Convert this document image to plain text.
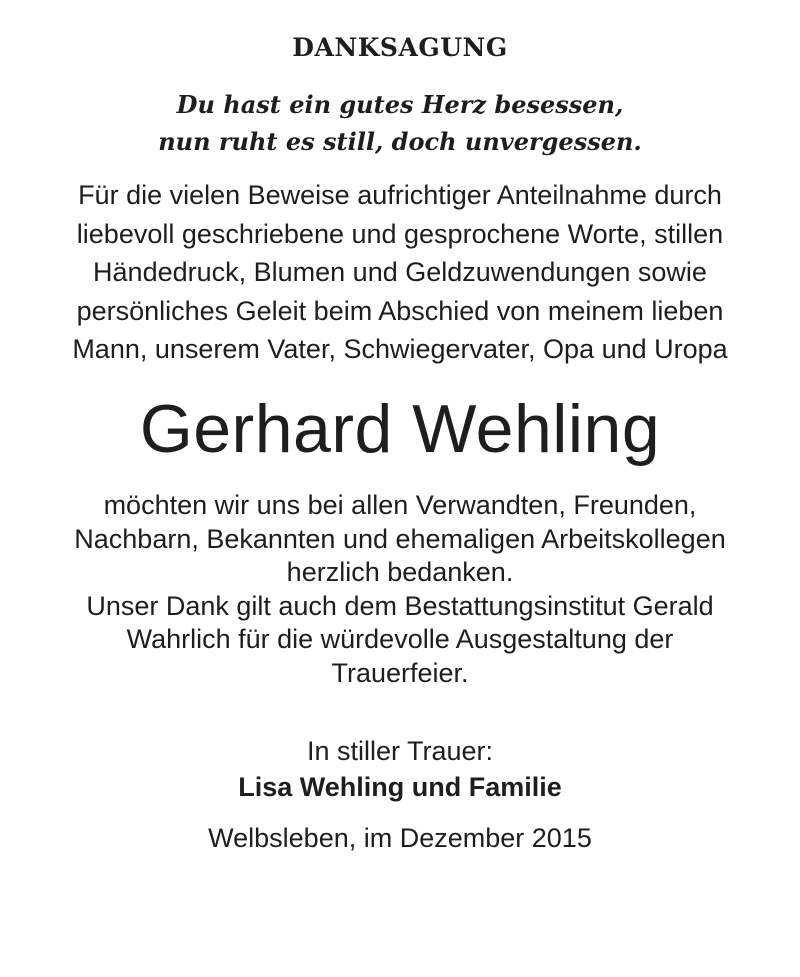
DANKSAGUNG
Du hast ein gutes Herz besessen,
nun ruht es still, doch unvergessen.
Für die vielen Beweise aufrichtiger Anteilnahme durch
liebevoll geschriebene und gesprochene Worte, stillen
Händedruck, Blumen und Geldzuwendungen sowie
persönliches Geleit beim Abschied von meinem lieben
Mann, unserem Vater, Schwiegervater, Opa und Uropa
Gerhard Wehling
möchten wir uns bei allen Verwandten, Freunden,
Nachbarn, Bekannten und ehemaligen Arbeitskollegen
herzlich bedanken.
Unser Dank gilt auch dem Bestattungsinstitut Gerald
Wahrlich für die würdevolle Ausgestaltung der
Trauerfeier.
In stiller Trauer:
Lisa Wehling und Familie
Welbsleben, im Dezember 2015
